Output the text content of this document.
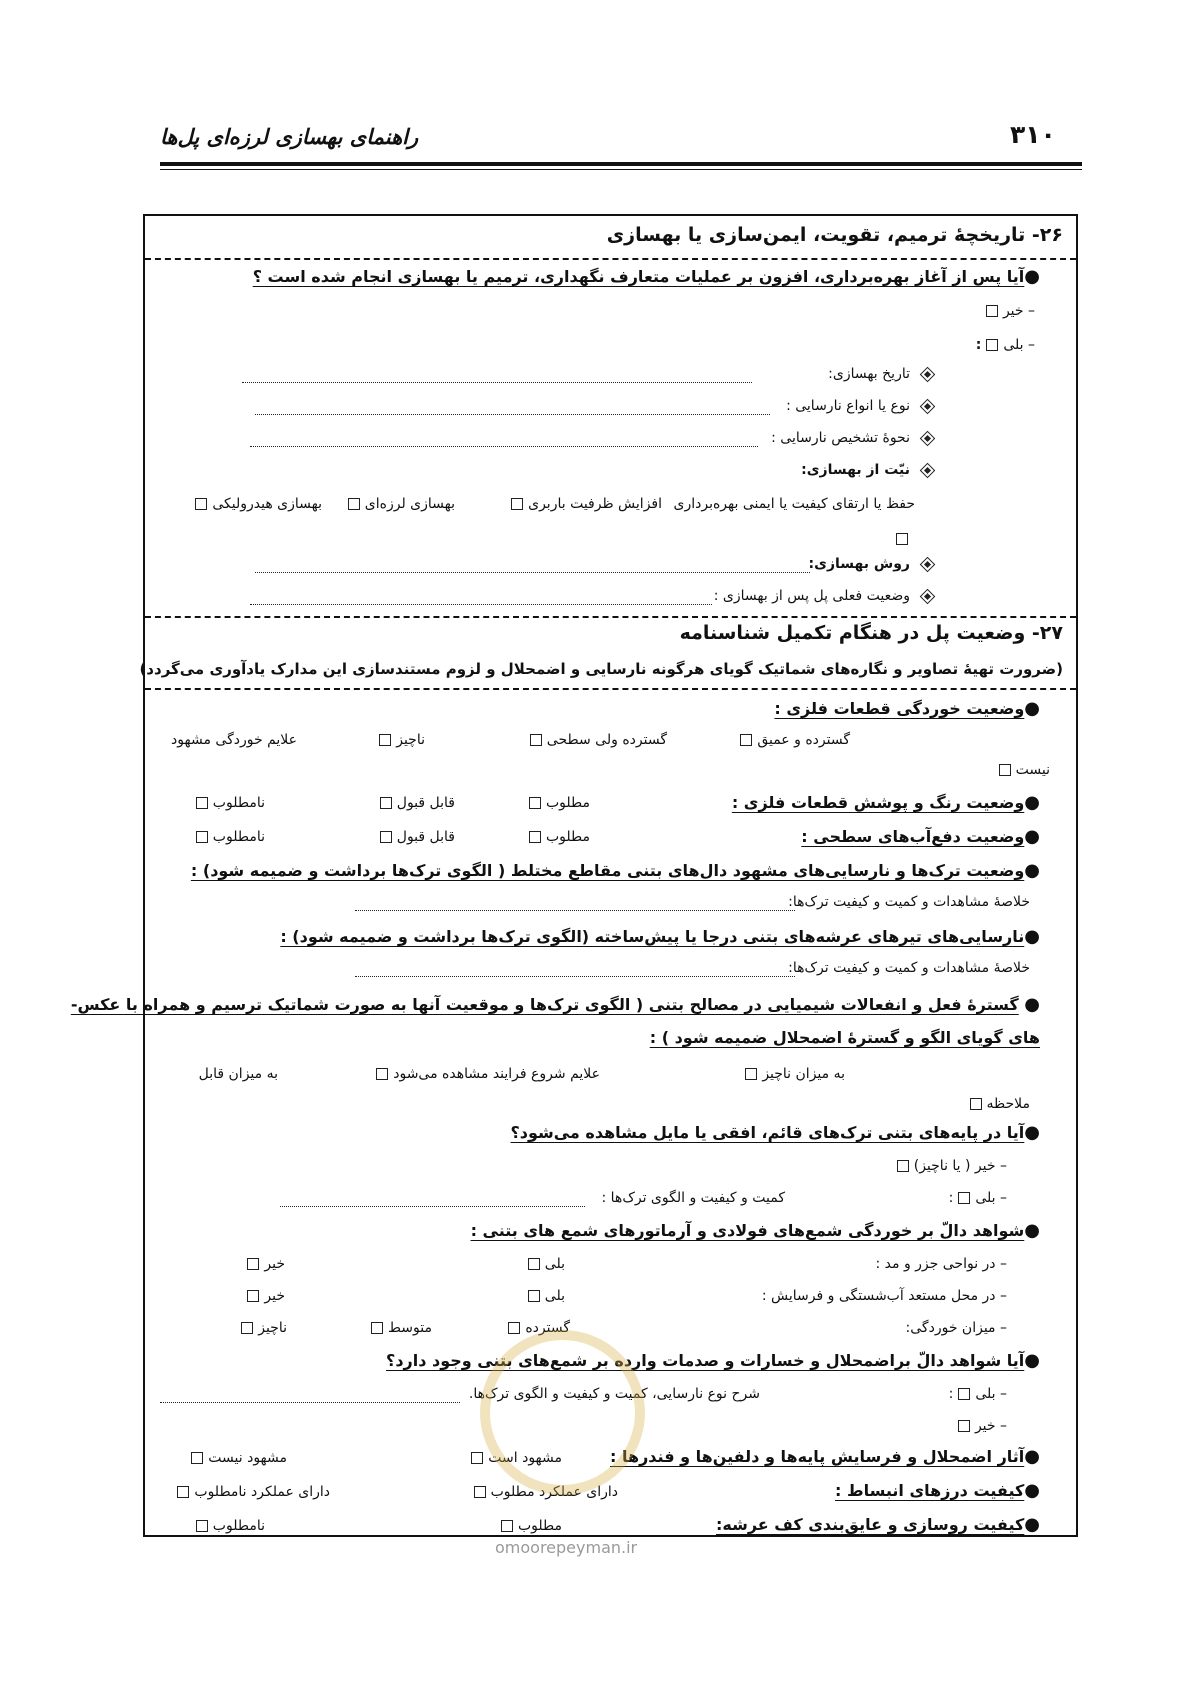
۳۱۰
راهنمای بهسازی لرزه‌ای پل‌ها
۲۶- تاریخچۀ ترمیم، تقویت، ایمن‌سازی یا بهسازی
●آیا پس از آغاز بهره‌برداری، افزون بر عملیات متعارف نگهداری، ترمیم یا بهسازی انجام شده است ؟
– خیر
– بلی:
تاریخ بهسازی:
نوع یا انواع نارسایی :
نحوۀ تشخیص نارسایی :
نیّت از بهسازی:
حفظ یا ارتقای کیفیت یا ایمنی بهره‌برداری
افزایش ظرفیت باربری
بهسازی لرزه‌ای
بهسازی هیدرولیکی
روش بهسازی:
وضعیت فعلی پل پس از بهسازی :
۲۷- وضعیت پل در هنگام تکمیل شناسنامه
(ضرورت تهیۀ تصاویر و نگاره‌های شماتیک گویای هرگونه نارسایی و اضمحلال و لزوم مستندسازی این مدارک یادآوری می‌گردد)
●وضعیت خوردگی قطعات فلزی :
گسترده و عمیق
گسترده ولی سطحی
ناچیز
علایم خوردگی مشهود
نیست
●وضعیت رنگ و پوشش قطعات فلزی :
مطلوب
قابل قبول
نامطلوب
●وضعیت دفع‌آب‌های سطحی :
مطلوب
قابل قبول
نامطلوب
●وضعیت ترک‌ها و نارسایی‌های مشهود دال‌های بتنی مقاطع مختلط ( الگوی ترک‌ها برداشت و ضمیمه شود) :
خلاصۀ مشاهدات و کمیت و کیفیت ترک‌ها:
●نارسایی‌های تیرهای عرشه‌های بتنی درجا یا پیش‌ساخته (الگوی ترک‌ها برداشت و ضمیمه شود) :
خلاصۀ مشاهدات و کمیت و کیفیت ترک‌ها:
● گسترۀ فعل و انفعالات شیمیایی در مصالح بتنی ( الگوی ترک‌ها و موقعیت آنها به صورت شماتیک ترسیم و همراه با عکس-
های گویای الگو و گسترۀ اضمحلال ضمیمه شود ) :
به میزان ناچیز
علایم شروع فرایند مشاهده می‌شود
به میزان قابل
ملاحظه
●آیا در پایه‌های بتنی ترک‌های قائم، افقی یا مایل مشاهده می‌شود؟
– خیر ( یا ناچیز)
– بلی:
کمیت و کیفیت و الگوی ترک‌ها :
●شواهد دالّ بر خوردگی شمع‌های فولادی و آرماتورهای شمع های بتنی :
– در نواحی جزر و مد :
بلی
خیر
– در محل مستعد آب‌شستگی و فرسایش :
بلی
خیر
– میزان خوردگی:
گسترده
متوسط
ناچیز
●آیا شواهد دالّ براضمحلال و خسارات و صدمات وارده بر شمع‌های بتنی وجود دارد؟
– بلی:
شرح نوع نارسایی، کمیت و کیفیت و الگوی ترک‌ها.
– خیر
●آثار اضمحلال و فرسایش پایه‌ها و دلفین‌ها و فندرها :
مشهود است
مشهود نیست
●کیفیت درزهای انبساط :
دارای عملکرد مطلوب
دارای عملکرد نامطلوب
●کیفیت روسازی و عایق‌بندی کف عرشه:
مطلوب
نامطلوب
omoorepeyman.ir
